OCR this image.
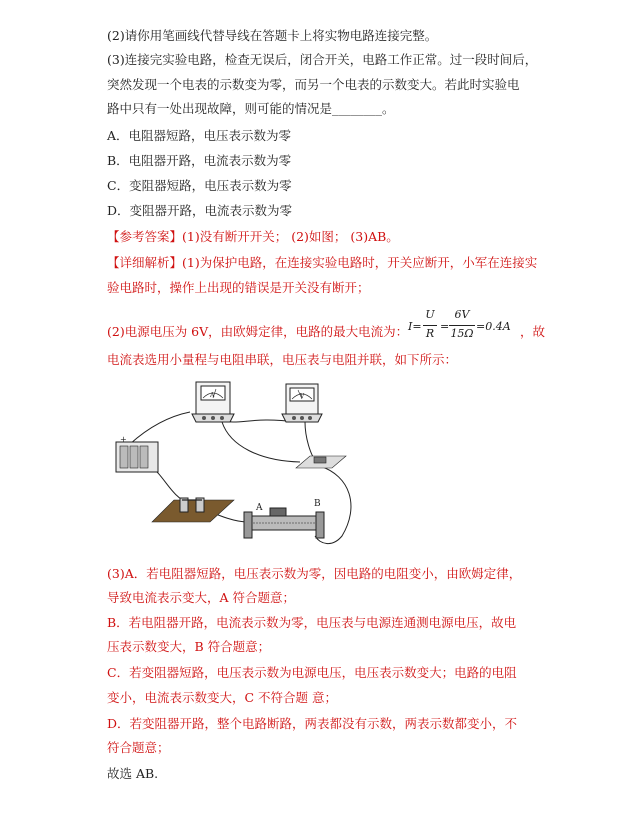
(2)请你用笔画线代替导线在答题卡上将实物电路连接完整。
(3)连接完实验电路，检查无误后，闭合开关，电路工作正常。过一段时间后，
突然发现一个电表的示数变为零，而另一个电表的示数变大。若此时实验电
路中只有一处出现故障，则可能的情况是________。
A．电阻器短路，电压表示数为零
B．电阻器开路，电流表示数为零
C．变阻器短路，电压表示数为零
D．变阻器开路，电流表示数为零
【参考答案】(1)没有断开开关； (2)如图； (3)AB。
【详细解析】(1)为保护电路，在连接实验电路时，开关应断开，小军在连接实
验电路时，操作上出现的错误是开关没有断开；
(2)电源电压为 6V，由欧姆定律，电路的最大电流为： I=
U
R
=
6V
15Ω
=0.4A ，故
电流表选用小量程与电阻串联，电压表与电阻并联，如下所示：
A	V
+
A	B
(3)A．若电阻器短路，电压表示数为零，因电路的电阻变小，由欧姆定律，
导致电流表示变大，A 符合题意；
B．若电阻器开路，电流表示数为零，电压表与电源连通测电源电压，故电
压表示数变大，B 符合题意；
C．若变阻器短路，电压表示数为电源电压，电压表示数变大；电路的电阻
变小，电流表示数变大，C 不符合题 意；
D．若变阻器开路，整个电路断路，两表都没有示数，两表示数都变小，不
符合题意；
故选 AB.
